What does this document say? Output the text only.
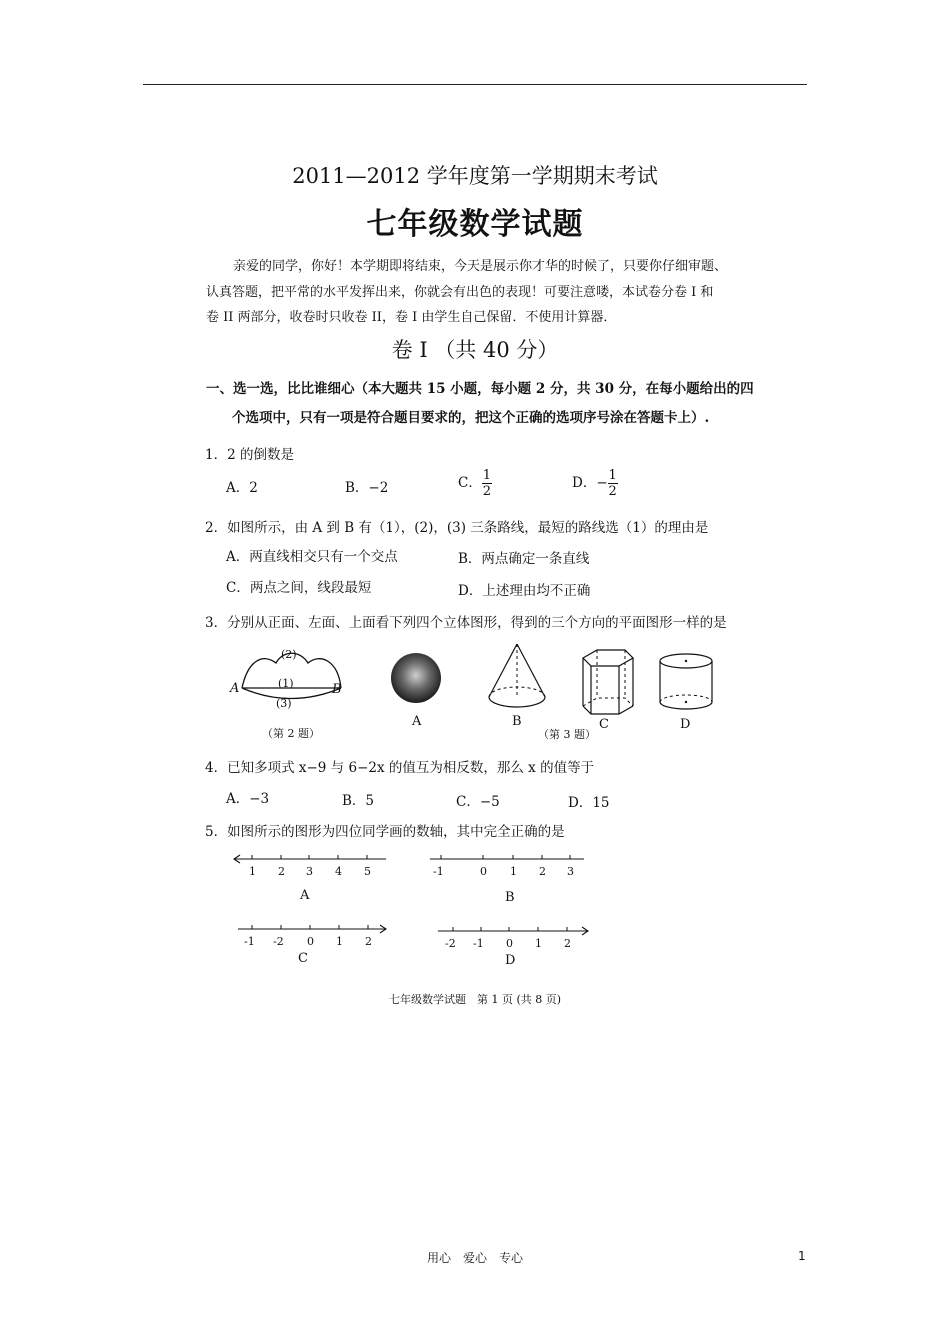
2011—2012 学年度第一学期期末考试
七年级数学试题
亲爱的同学，你好！本学期即将结束，今天是展示你才华的时候了，只要你仔细审题、
认真答题，把平常的水平发挥出来，你就会有出色的表现！可要注意喽，本试卷分卷 I 和
卷 II 两部分，收卷时只收卷 II，卷 I 由学生自己保留．不使用计算器．
卷 I （共 40 分）
一、选一选，比比谁细心（本大题共 15 小题，每小题 2 分，共 30 分，在每小题给出的四
个选项中，只有一项是符合题目要求的，把这个正确的选项序号涂在答题卡上）.
1．2 的倒数是
A．2	B．−2	C． $\frac{1}{2}$	D．− $\frac{1}{2}$
2．如图所示，由 A 到 B 有（1），(2)，(3) 三条路线，最短的路线选（1）的理由是
A．两直线相交只有一个交点	B．两点确定一条直线
C．两点之间，线段最短	D．上述理由均不正确
3．分别从正面、左面、上面看下列四个立体图形，得到的三个方向的平面图形一样的是
(2)
(1)
(3)
A	B
（第 2 题）
A	B	C	D
（第 3 题）
4．已知多项式 x−9 与 6−2x 的值互为相反数，那么 x 的值等于
A．−3	B．5	C．−5	D．15
5．如图所示的图形为四位同学画的数轴，其中完全正确的是
1 2 3 4 5
A
-1	0 1 2 3
B
-1 -2 0 1 2
C
-2 -1 0 1 2
D
七年级数学试题　第 1 页 (共 8 页)
用心　爱心　专心	1
